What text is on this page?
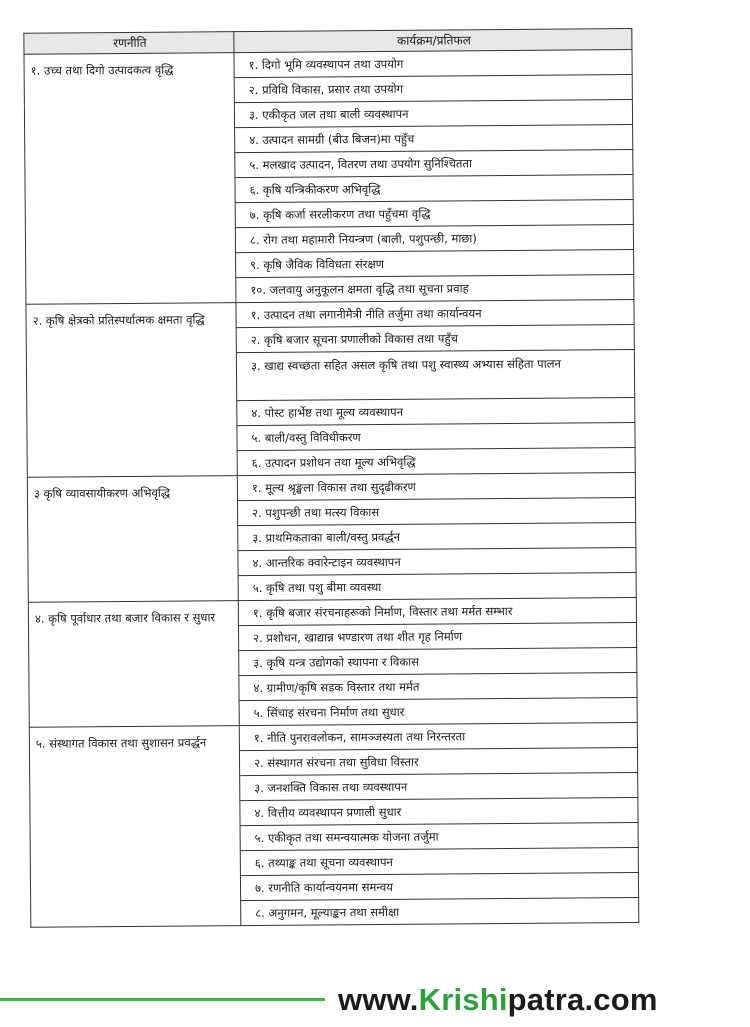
रणनीति	कार्यक्रम/प्रतिफल
१. उच्च तथा दिगो उत्पादकत्व वृद्धि	१. दिगो भूमि व्यवस्थापन तथा उपयोग
	२. प्रविधि विकास, प्रसार तथा उपयोग
	३. एकीकृत जल तथा बाली व्यवस्थापन
	४. उत्पादन सामग्री (बीउ बिजन)मा पहुँच
	५. मलखाद उत्पादन, वितरण तथा उपयोग सुनिश्चितता
	६. कृषि यन्त्रिकीकरण अभिवृद्धि
	७. कृषि कर्जा सरलीकरण तथा पहुँचमा वृद्धि
	८. रोग तथा महामारी नियन्त्रण (बाली, पशुपन्छी, माछा)
	९. कृषि जैविक विविधता संरक्षण
	१०. जलवायु अनुकूलन क्षमता वृद्धि तथा सूचना प्रवाह
२. कृषि क्षेत्रको प्रतिस्पर्धात्मक क्षमता वृद्धि	१. उत्पादन तथा लगानीमैत्री नीति तर्जुमा तथा कार्यान्वयन
	२. कृषि बजार सूचना प्रणालीको विकास तथा पहुँच
	३. खाद्य स्वच्छता सहित असल कृषि तथा पशु स्वास्थ्य अभ्यास संहिता पालन
	४. पोस्ट हार्भेष्ट तथा मूल्य व्यवस्थापन
	५. बाली/वस्तु विविधीकरण
	६. उत्पादन प्रशोधन तथा मूल्य अभिवृद्धि
३ कृषि व्यावसायीकरण अभिवृद्धि	१. मूल्य श्रृङ्खला विकास तथा सुदृढीकरण
	२. पशुपन्छी तथा मत्स्य विकास
	३. प्राथमिकताका बाली/वस्तु प्रवर्द्धन
	४. आन्तरिक क्वारेन्टाइन व्यवस्थापन
	५. कृषि तथा पशु बीमा व्यवस्था
४. कृषि पूर्वाधार तथा बजार विकास र सुधार	१. कृषि बजार संरचनाहरूको निर्माण, विस्तार तथा मर्मत सम्भार
	२. प्रशोधन, खाद्यान्न भण्डारण तथा शीत गृह निर्माण
	३. कृषि यन्त्र उद्योगको स्थापना र विकास
	४. ग्रामीण/कृषि सडक विस्तार तथा मर्मत
	५. सिंचाइ संरचना निर्माण तथा सुधार
५. संस्थागत विकास तथा सुशासन प्रवर्द्धन	१. नीति पुनरावलोकन, सामञ्जस्यता तथा निरन्तरता
	२. संस्थागत संरचना तथा सुविधा विस्तार
	३. जनशक्ति विकास तथा व्यवस्थापन
	४. वित्तीय व्यवस्थापन प्रणाली सुधार
	५. एकीकृत तथा समन्वयात्मक योजना तर्जुमा
	६. तथ्याङ्क तथा सूचना व्यवस्थापन
	७. रणनीति कार्यान्वयनमा समन्वय
	८. अनुगमन, मूल्याङ्कन तथा समीक्षा
www.Krishipatra.com
